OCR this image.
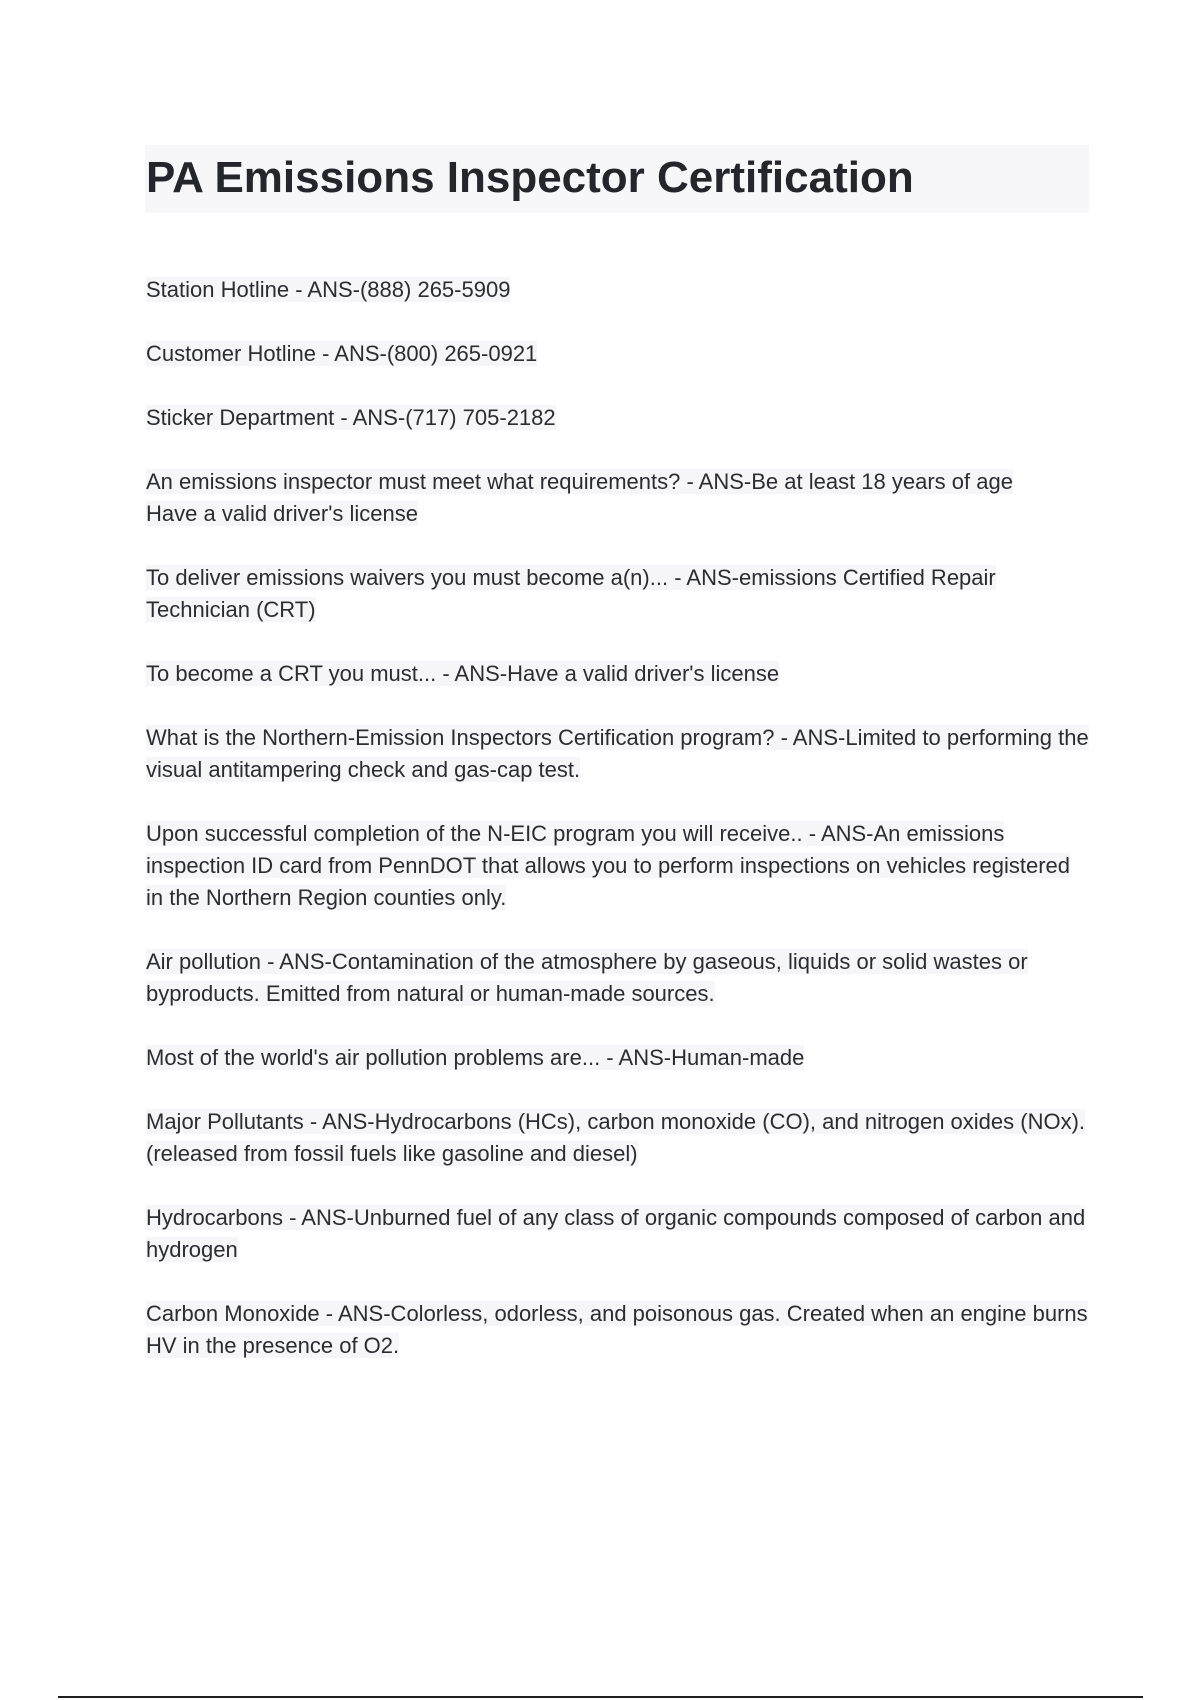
PA Emissions Inspector Certification
Station Hotline - ANS-(888) 265-5909
Customer Hotline - ANS-(800) 265-0921
Sticker Department - ANS-(717) 705-2182
An emissions inspector must meet what requirements? - ANS-Be at least 18 years of age
Have a valid driver's license
To deliver emissions waivers you must become a(n)... - ANS-emissions Certified Repair Technician (CRT)
To become a CRT you must... - ANS-Have a valid driver's license
What is the Northern-Emission Inspectors Certification program? - ANS-Limited to performing the visual antitampering check and gas-cap test.
Upon successful completion of the N-EIC program you will receive.. - ANS-An emissions inspection ID card from PennDOT that allows you to perform inspections on vehicles registered in the Northern Region counties only.
Air pollution - ANS-Contamination of the atmosphere by gaseous, liquids or solid wastes or byproducts. Emitted from natural or human-made sources.
Most of the world's air pollution problems are... - ANS-Human-made
Major Pollutants - ANS-Hydrocarbons (HCs), carbon monoxide (CO), and nitrogen oxides (NOx). (released from fossil fuels like gasoline and diesel)
Hydrocarbons - ANS-Unburned fuel of any class of organic compounds composed of carbon and hydrogen
Carbon Monoxide - ANS-Colorless, odorless, and poisonous gas. Created when an engine burns HV in the presence of O2.
